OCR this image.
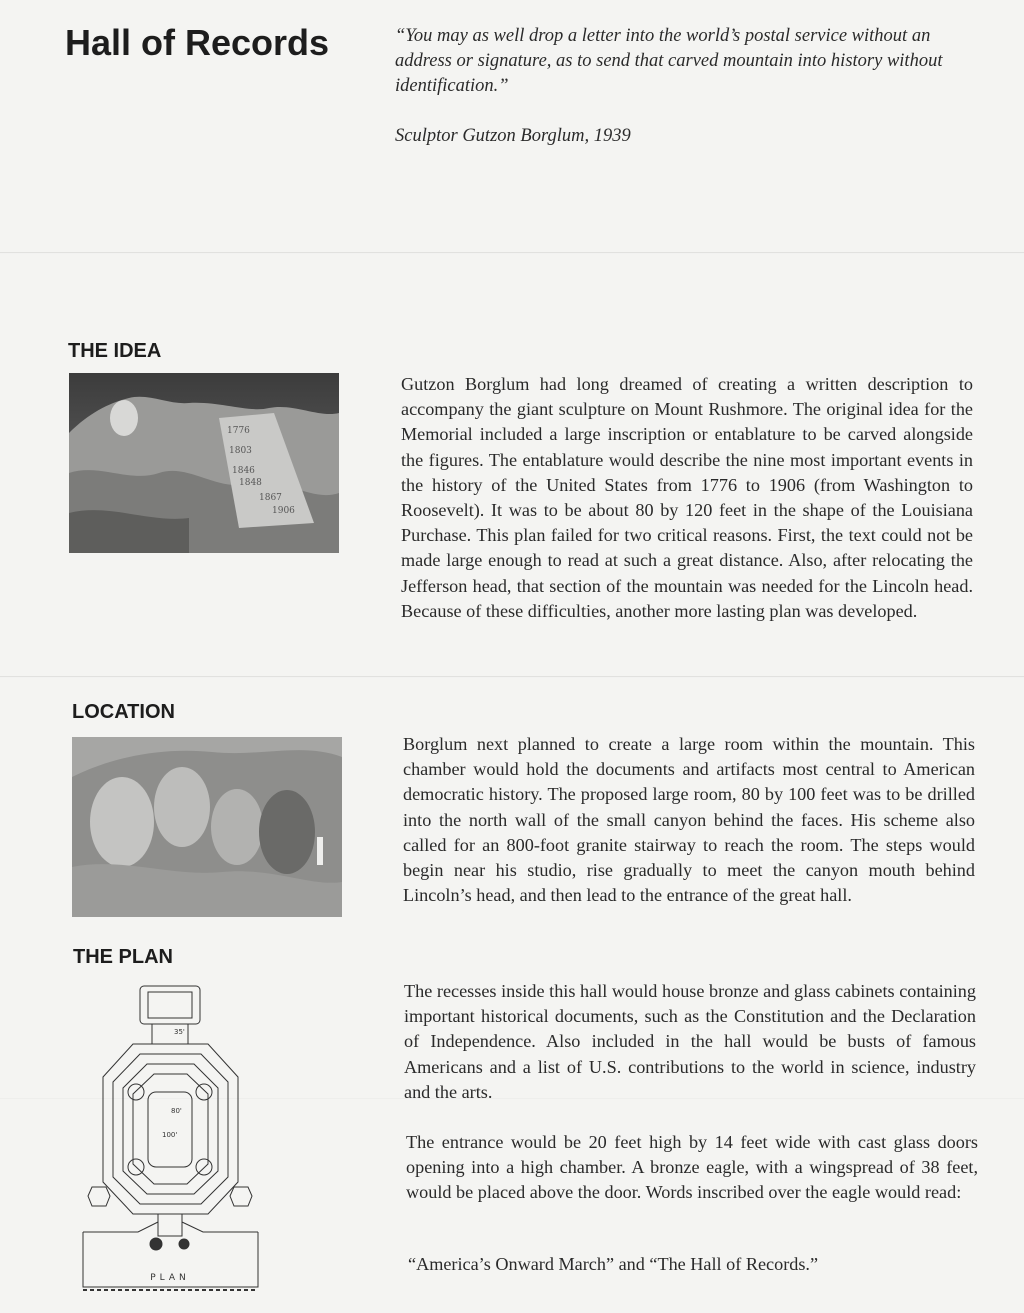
Hall of Records	“You may as well drop a letter into the world’s postal service without an address or signature, as to send that carved mountain into history without identification.”

Sculptor Gutzon Borglum, 1939

THE IDEA
1776
1803
1846
1848
1867
1906

Gutzon Borglum had long dreamed of creating a written description to accompany the giant sculpture on Mount Rushmore. The original idea for the Memorial included a large inscription or entablature to be carved alongside the figures. The entablature would describe the nine most important events in the history of the United States from 1776 to 1906 (from Washington to Roosevelt). It was to be about 80 by 120 feet in the shape of the Louisiana Purchase. This plan failed for two critical reasons. First, the text could not be made large enough to read at such a great distance. Also, after relocating the Jefferson head, that section of the mountain was needed for the Lincoln head. Because of these difficulties, another more lasting plan was developed.

LOCATION

Borglum next planned to create a large room within the mountain. This chamber would hold the documents and artifacts most central to American democratic history. The proposed large room, 80 by 100 feet was to be drilled into the north wall of the small canyon behind the faces. His scheme also called for an 800-foot granite stairway to reach the room. The steps would begin near his studio, rise gradually to meet the canyon mouth behind Lincoln’s head, and then lead to the entrance of the great hall.

THE PLAN
35'
80'
100'
PLAN

The recesses inside this hall would house bronze and glass cabinets containing important historical documents, such as the Constitution and the Declaration of Independence. Also included in the hall would be busts of famous Americans and a list of U.S. contributions to the world in science, industry and the arts.

The entrance would be 20 feet high by 14 feet wide with cast glass doors opening into a high chamber. A bronze eagle, with a wingspread of 38 feet, would be placed above the door. Words inscribed over the eagle would read:

“America’s Onward March” and “The Hall of Records.”
